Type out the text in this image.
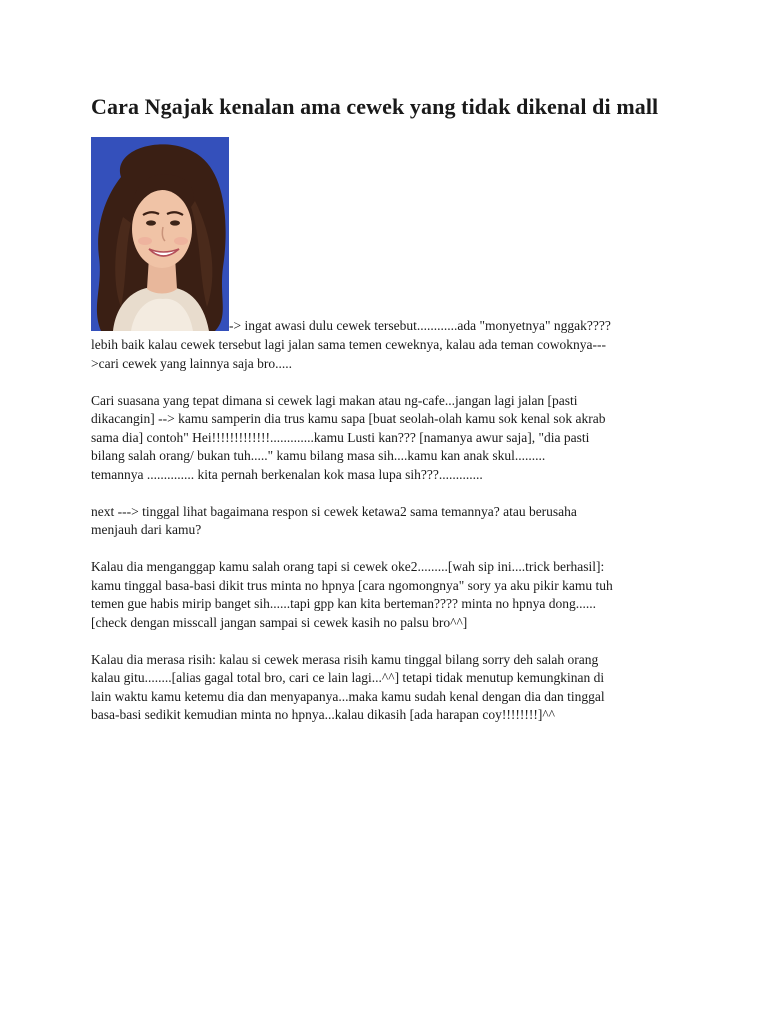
Cara Ngajak kenalan ama cewek yang tidak dikenal di mall
-> ingat awasi dulu cewek tersebut............ada "monyetnya" nggak????

lebih baik kalau cewek tersebut lagi jalan sama temen ceweknya, kalau ada teman cowoknya---
>cari cewek yang lainnya saja bro.....

Cari suasana yang tepat dimana si cewek lagi makan atau ng-cafe...jangan lagi jalan [pasti
dikacangin] --> kamu samperin dia trus kamu sapa [buat seolah-olah kamu sok kenal sok akrab
sama dia] contoh" Hei!!!!!!!!!!!!!.............kamu Lusti kan??? [namanya awur saja], "dia pasti
bilang salah orang/ bukan tuh....." kamu bilang masa sih....kamu kan anak skul.........
temannya .............. kita pernah berkenalan kok masa lupa sih???.............

next ---> tinggal lihat bagaimana respon si cewek ketawa2 sama temannya? atau berusaha
menjauh dari kamu?

Kalau dia menganggap kamu salah orang tapi si cewek oke2.........[wah sip ini....trick berhasil]:
kamu tinggal basa-basi dikit trus minta no hpnya [cara ngomongnya" sory ya aku pikir kamu tuh
temen gue habis mirip banget sih......tapi gpp kan kita berteman???? minta no hpnya dong......
[check dengan misscall jangan sampai si cewek kasih no palsu bro^^]

Kalau dia merasa risih: kalau si cewek merasa risih kamu tinggal bilang sorry deh salah orang
kalau gitu........[alias gagal total bro, cari ce lain lagi...^^] tetapi tidak menutup kemungkinan di
lain waktu kamu ketemu dia dan menyapanya...maka kamu sudah kenal dengan dia dan tinggal
basa-basi sedikit kemudian minta no hpnya...kalau dikasih [ada harapan coy!!!!!!!!]^^
